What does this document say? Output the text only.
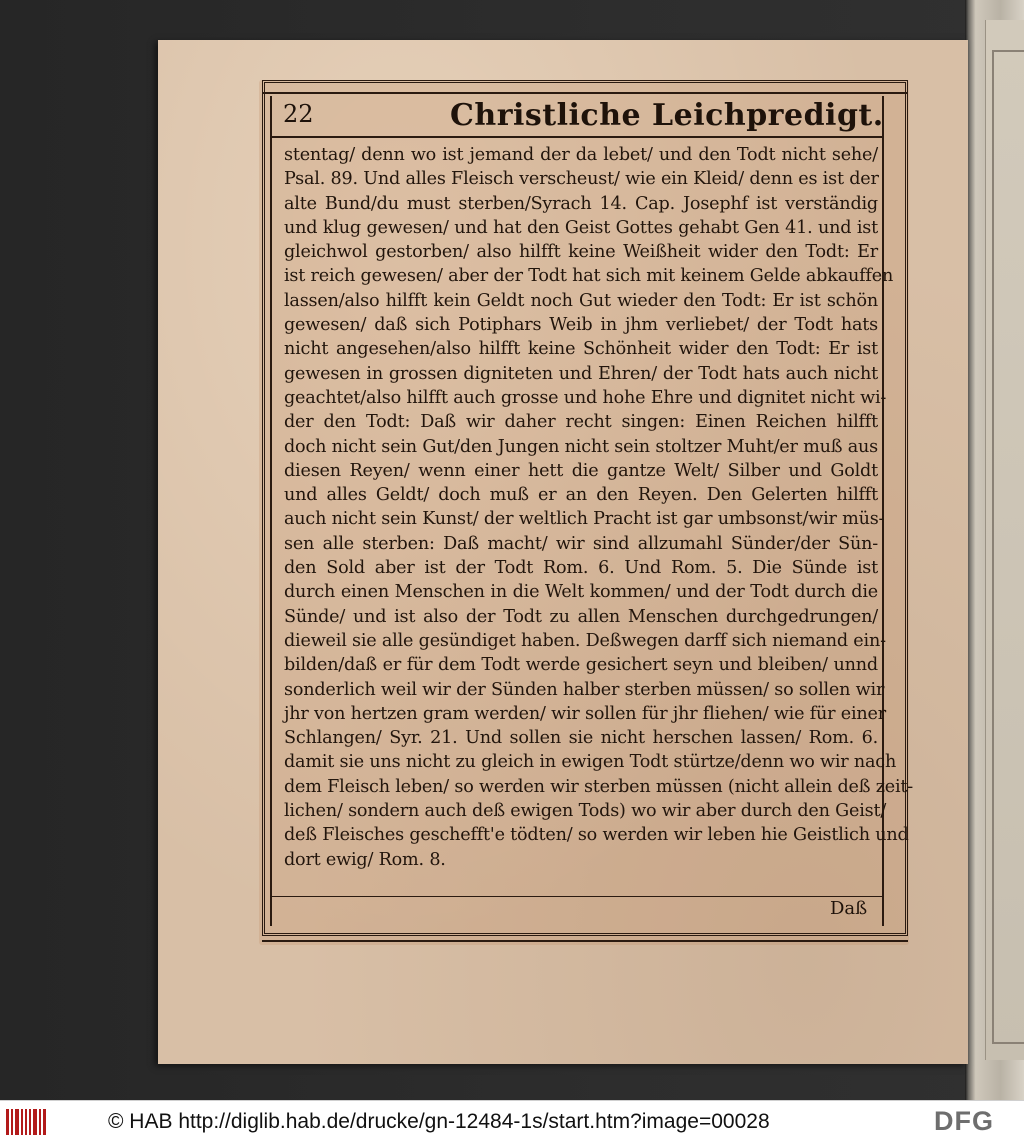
22	Christliche Leichpredigt.
stentag/ denn wo ist jemand der da lebet/ und den Todt nicht sehe/
Psal. 89. Und alles Fleisch verscheust/ wie ein Kleid/ denn es ist der
alte Bund/du must sterben/Syrach 14. Cap. Josephf ist verständig
und klug gewesen/ und hat den Geist Gottes gehabt Gen 41. und ist
gleichwol gestorben/ also hilfft keine Weißheit wider den Todt: Er
ist reich gewesen/ aber der Todt hat sich mit keinem Gelde abkauffen
lassen/also hilfft kein Geldt noch Gut wieder den Todt: Er ist schön
gewesen/ daß sich Potiphars Weib in jhm verliebet/ der Todt hats
nicht angesehen/also hilfft keine Schönheit wider den Todt: Er ist
gewesen in grossen digniteten und Ehren/ der Todt hats auch nicht
geachtet/also hilfft auch grosse und hohe Ehre und dignitet nicht wi-
der den Todt: Daß wir daher recht singen: Einen Reichen hilfft
doch nicht sein Gut/den Jungen nicht sein stoltzer Muht/er muß aus
diesen Reyen/ wenn einer hett die gantze Welt/ Silber und Goldt
und alles Geldt/ doch muß er an den Reyen. Den Gelerten hilfft
auch nicht sein Kunst/ der weltlich Pracht ist gar umbsonst/wir müs-
sen alle sterben: Daß macht/ wir sind allzumahl Sünder/der Sün-
den Sold aber ist der Todt Rom. 6. Und Rom. 5. Die Sünde ist
durch einen Menschen in die Welt kommen/ und der Todt durch die
Sünde/ und ist also der Todt zu allen Menschen durchgedrungen/
dieweil sie alle gesündiget haben. Deßwegen darff sich niemand ein-
bilden/daß er für dem Todt werde gesichert seyn und bleiben/ unnd
sonderlich weil wir der Sünden halber sterben müssen/ so sollen wir
jhr von hertzen gram werden/ wir sollen für jhr fliehen/ wie für einer
Schlangen/ Syr. 21. Und sollen sie nicht herschen lassen/ Rom. 6.
damit sie uns nicht zu gleich in ewigen Todt stürtze/denn wo wir nach
dem Fleisch leben/ so werden wir sterben müssen (nicht allein deß zeit-
lichen/ sondern auch deß ewigen Tods) wo wir aber durch den Geist/
deß Fleisches geschefft'e tödten/ so werden wir leben hie Geistlich und
dort ewig/ Rom. 8.
Daß
© HAB http://diglib.hab.de/drucke/gn-12484-1s/start.htm?image=00028	DFG
